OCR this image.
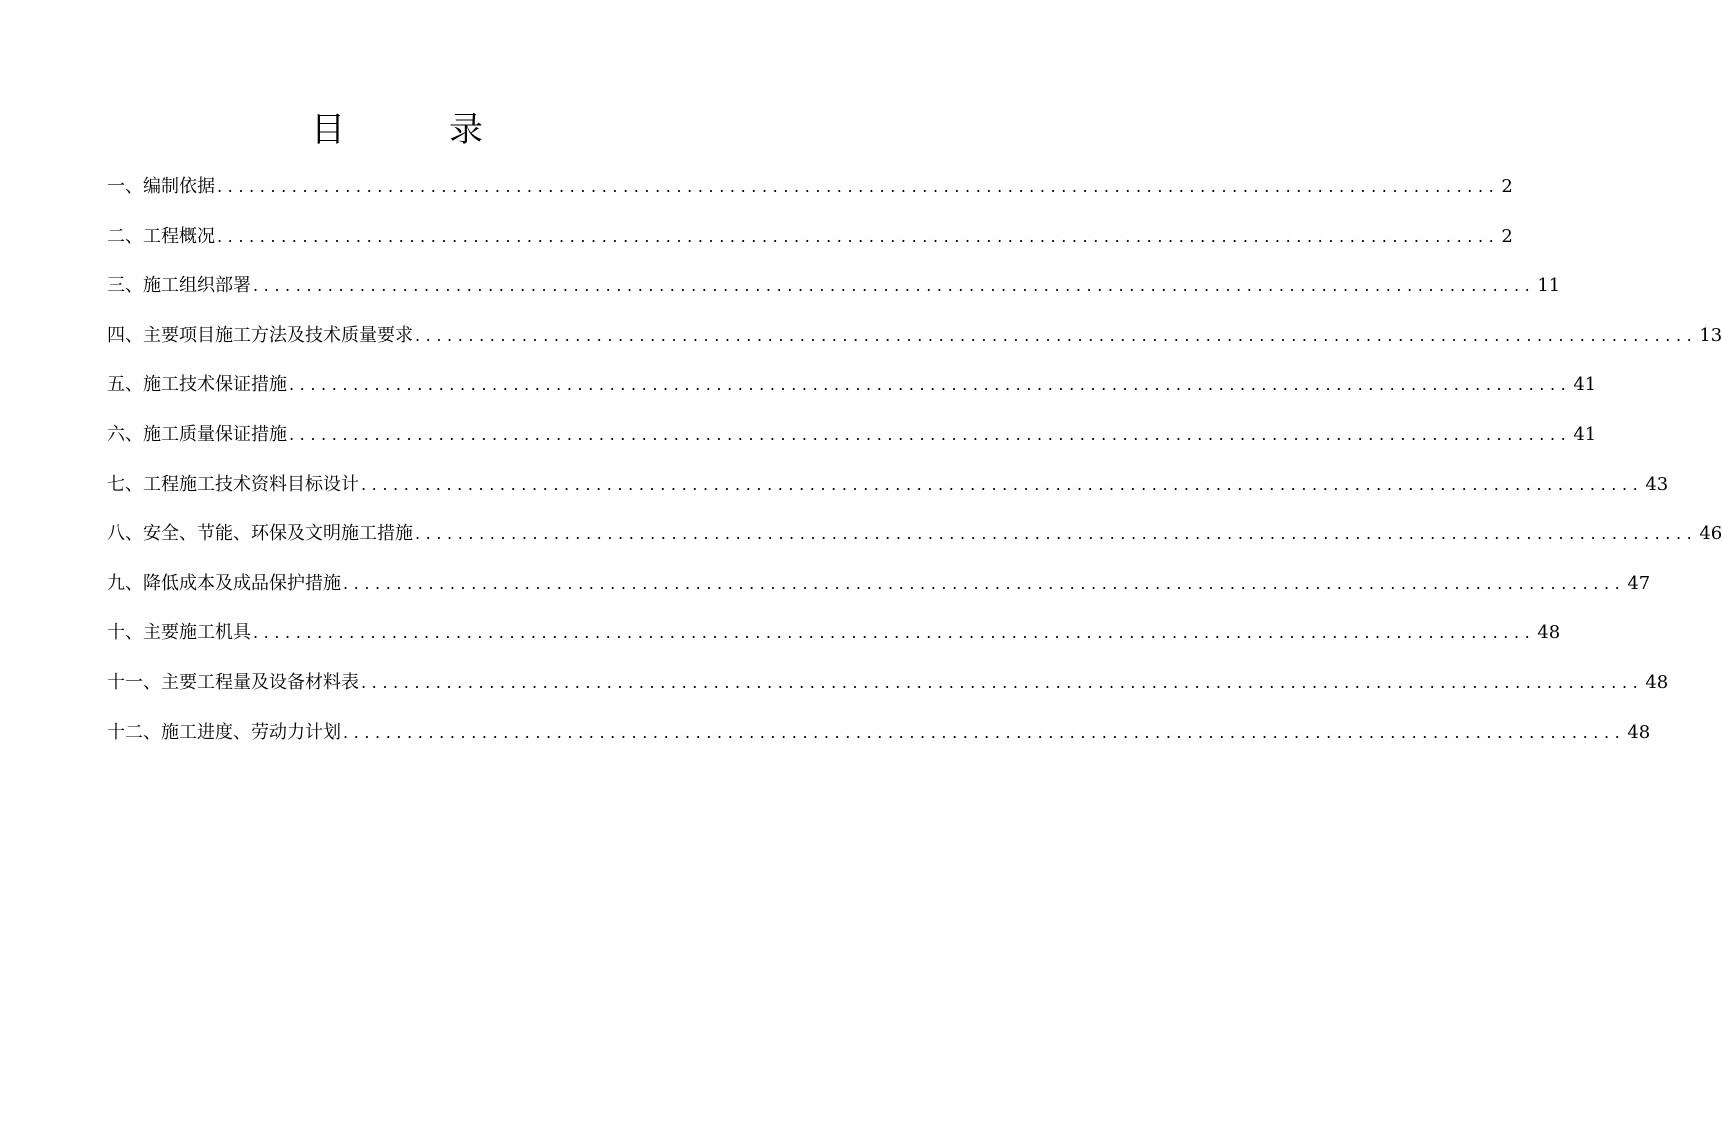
目	录
一、编制依据 ........................................................................................................................ 2
二、工程概况 ........................................................................................................................ 2
三、施工组织部署 ........................................................................................................................ 11
四、主要项目施工方法及技术质量要求 ........................................................................................................................ 13
五、施工技术保证措施 ........................................................................................................................ 41
六、施工质量保证措施 ........................................................................................................................ 41
七、工程施工技术资料目标设计 ........................................................................................................................ 43
八、安全、节能、环保及文明施工措施 ........................................................................................................................ 46
九、降低成本及成品保护措施 ........................................................................................................................ 47
十、主要施工机具 ........................................................................................................................ 48
十一、主要工程量及设备材料表 ........................................................................................................................ 48
十二、施工进度、劳动力计划 ........................................................................................................................ 48
